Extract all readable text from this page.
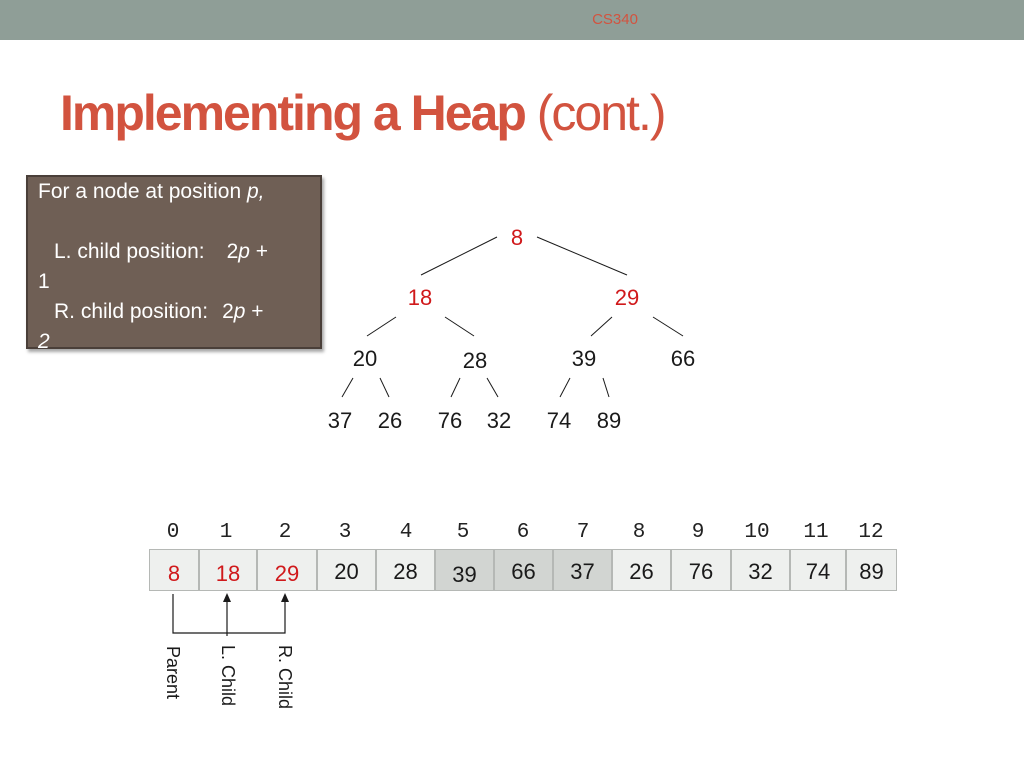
CS340
Implementing a Heap (cont.)
For a node at position p,
L. child position: 2p +
1
R. child position: 2p +
2
8
18	29
20	28	39	66
37	26	76	32	74	89
0	1	2	3	4	5	6	7	8	9	10	11	12
8	18	29	20	28	39	66	37	26	76	32	74	89
Parent L. Child R. Child
